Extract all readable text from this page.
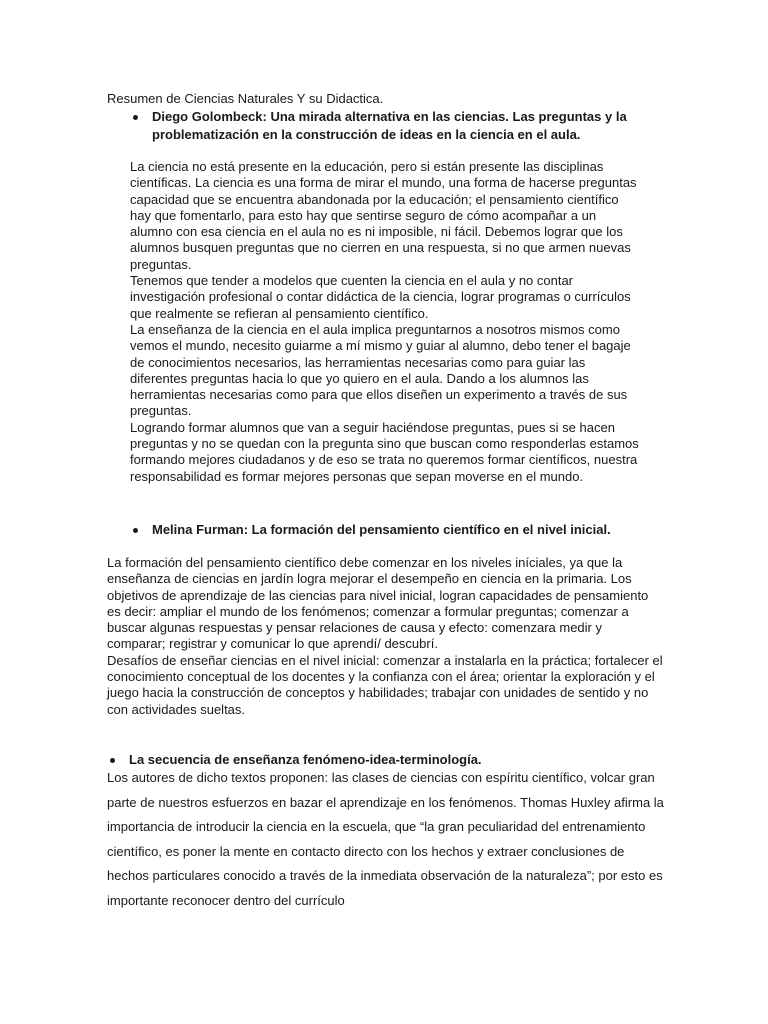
Resumen de Ciencias Naturales Y su Didactica.
Diego Golombeck: Una mirada alternativa en las ciencias. Las preguntas y la
problematización en la construcción de ideas en la ciencia en el aula.

La ciencia no está presente en la educación, pero si están presente las disciplinas científicas. La ciencia es una forma de mirar el mundo, una forma de hacerse preguntas capacidad que se encuentra abandonada por la educación; el pensamiento científico hay que fomentarlo, para esto hay que sentirse seguro de cómo acompañar a un alumno con esa ciencia en el aula no es ni imposible, ni fácil. Debemos lograr que los alumnos busquen preguntas que no cierren en una respuesta, si no que armen nuevas preguntas.

Tenemos que tender a modelos que cuenten la ciencia en el aula y no contar investigación profesional o contar didáctica de la ciencia, lograr programas o currículos que realmente se refieran al pensamiento científico.

La enseñanza de la ciencia en el aula implica preguntarnos a nosotros mismos como vemos el mundo, necesito guiarme a mí mismo y guiar al alumno, debo tener el bagaje de conocimientos necesarios, las herramientas necesarias como para guiar las diferentes preguntas hacia lo que yo quiero en el aula. Dando a los alumnos las herramientas necesarias como para que ellos diseñen un experimento a través de sus preguntas.

Logrando formar alumnos que van a seguir haciéndose preguntas, pues si se hacen preguntas y no se quedan con la pregunta sino que buscan como responderlas estamos formando mejores ciudadanos y de eso se trata no queremos formar científicos, nuestra responsabilidad es formar mejores personas que sepan moverse en el mundo.

Melina Furman: La formación del pensamiento científico en el nivel inicial.

La formación del pensamiento científico debe comenzar en los niveles iníciales, ya que la enseñanza de ciencias en jardín logra mejorar el desempeño en ciencia en la primaria. Los objetivos de aprendizaje de las ciencias para nivel inicial, logran capacidades de pensamiento es decir: ampliar el mundo de los fenómenos; comenzar a formular preguntas; comenzar a buscar algunas respuestas y pensar relaciones de causa y efecto: comenzara medir y comparar; registrar y comunicar lo que aprendí/ descubrí.

Desafíos de enseñar ciencias en el nivel inicial: comenzar a instalarla en la práctica; fortalecer el conocimiento conceptual de los docentes y la confianza con el área; orientar la exploración y el juego hacia la construcción de conceptos y habilidades; trabajar con unidades de sentido y no con actividades sueltas.

La secuencia de enseñanza fenómeno-idea-terminología.
Los autores de dicho textos proponen: las clases de ciencias con espíritu científico, volcar gran parte de nuestros esfuerzos en bazar el aprendizaje en los fenómenos. Thomas Huxley afirma la importancia de introducir la ciencia en la escuela, que “la gran peculiaridad del entrenamiento científico, es poner la mente en contacto directo con los hechos y extraer conclusiones de hechos particulares conocido a través de la inmediata observación de la naturaleza”; por esto es importante reconocer dentro del currículo
